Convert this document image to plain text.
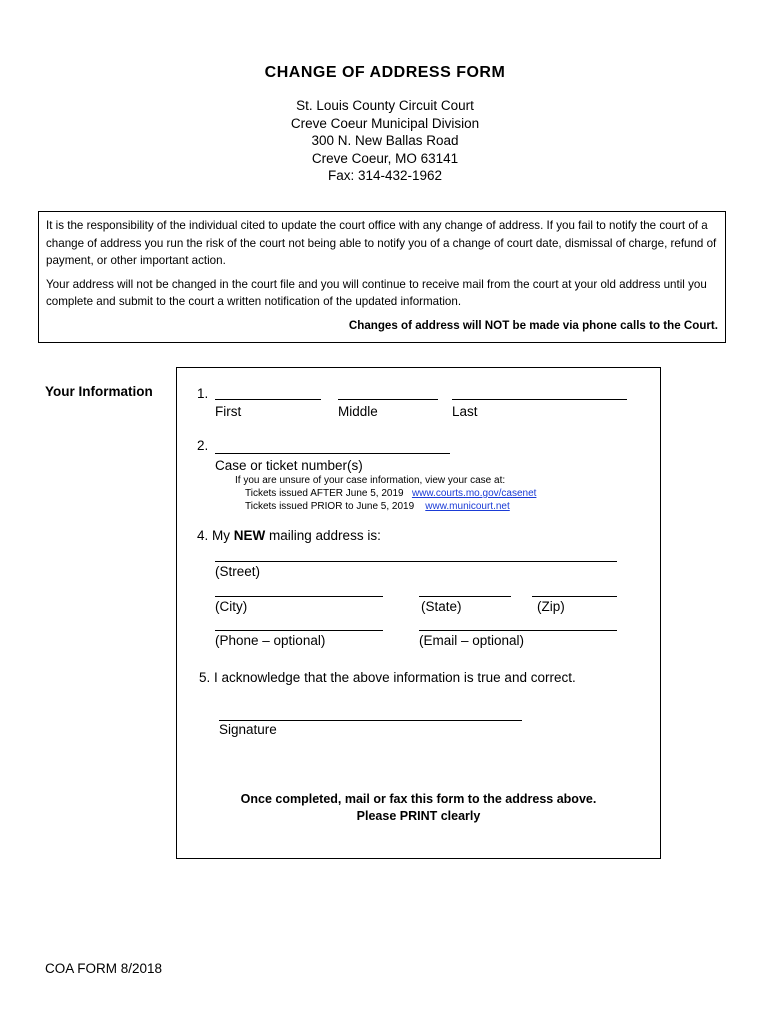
CHANGE OF ADDRESS FORM
St. Louis County Circuit Court
Creve Coeur Municipal Division
300 N. New Ballas Road
Creve Coeur, MO 63141
Fax: 314-432-1962

It is the responsibility of the individual cited to update the court office with any change of address. If you fail to notify the court of a change of address you run the risk of the court not being able to notify you of a change of court date, dismissal of charge, refund of payment, or other important action.

Your address will not be changed in the court file and you will continue to receive mail from the court at your old address until you complete and submit to the court a written notification of the updated information.

Changes of address will NOT be made via phone calls to the Court.

Your Information	1.
First	Middle	Last
2.
Case or ticket number(s)
If you are unsure of your case information, view your case at:
Tickets issued AFTER June 5, 2019 www.courts.mo.gov/casenet
Tickets issued PRIOR to June 5, 2019 www.municourt.net
4. My NEW mailing address is:
(Street)
(City)	(State)	(Zip)
(Phone – optional)	(Email – optional)
5. I acknowledge that the above information is true and correct.
Signature
Once completed, mail or fax this form to the address above.
Please PRINT clearly
COA FORM 8/2018
